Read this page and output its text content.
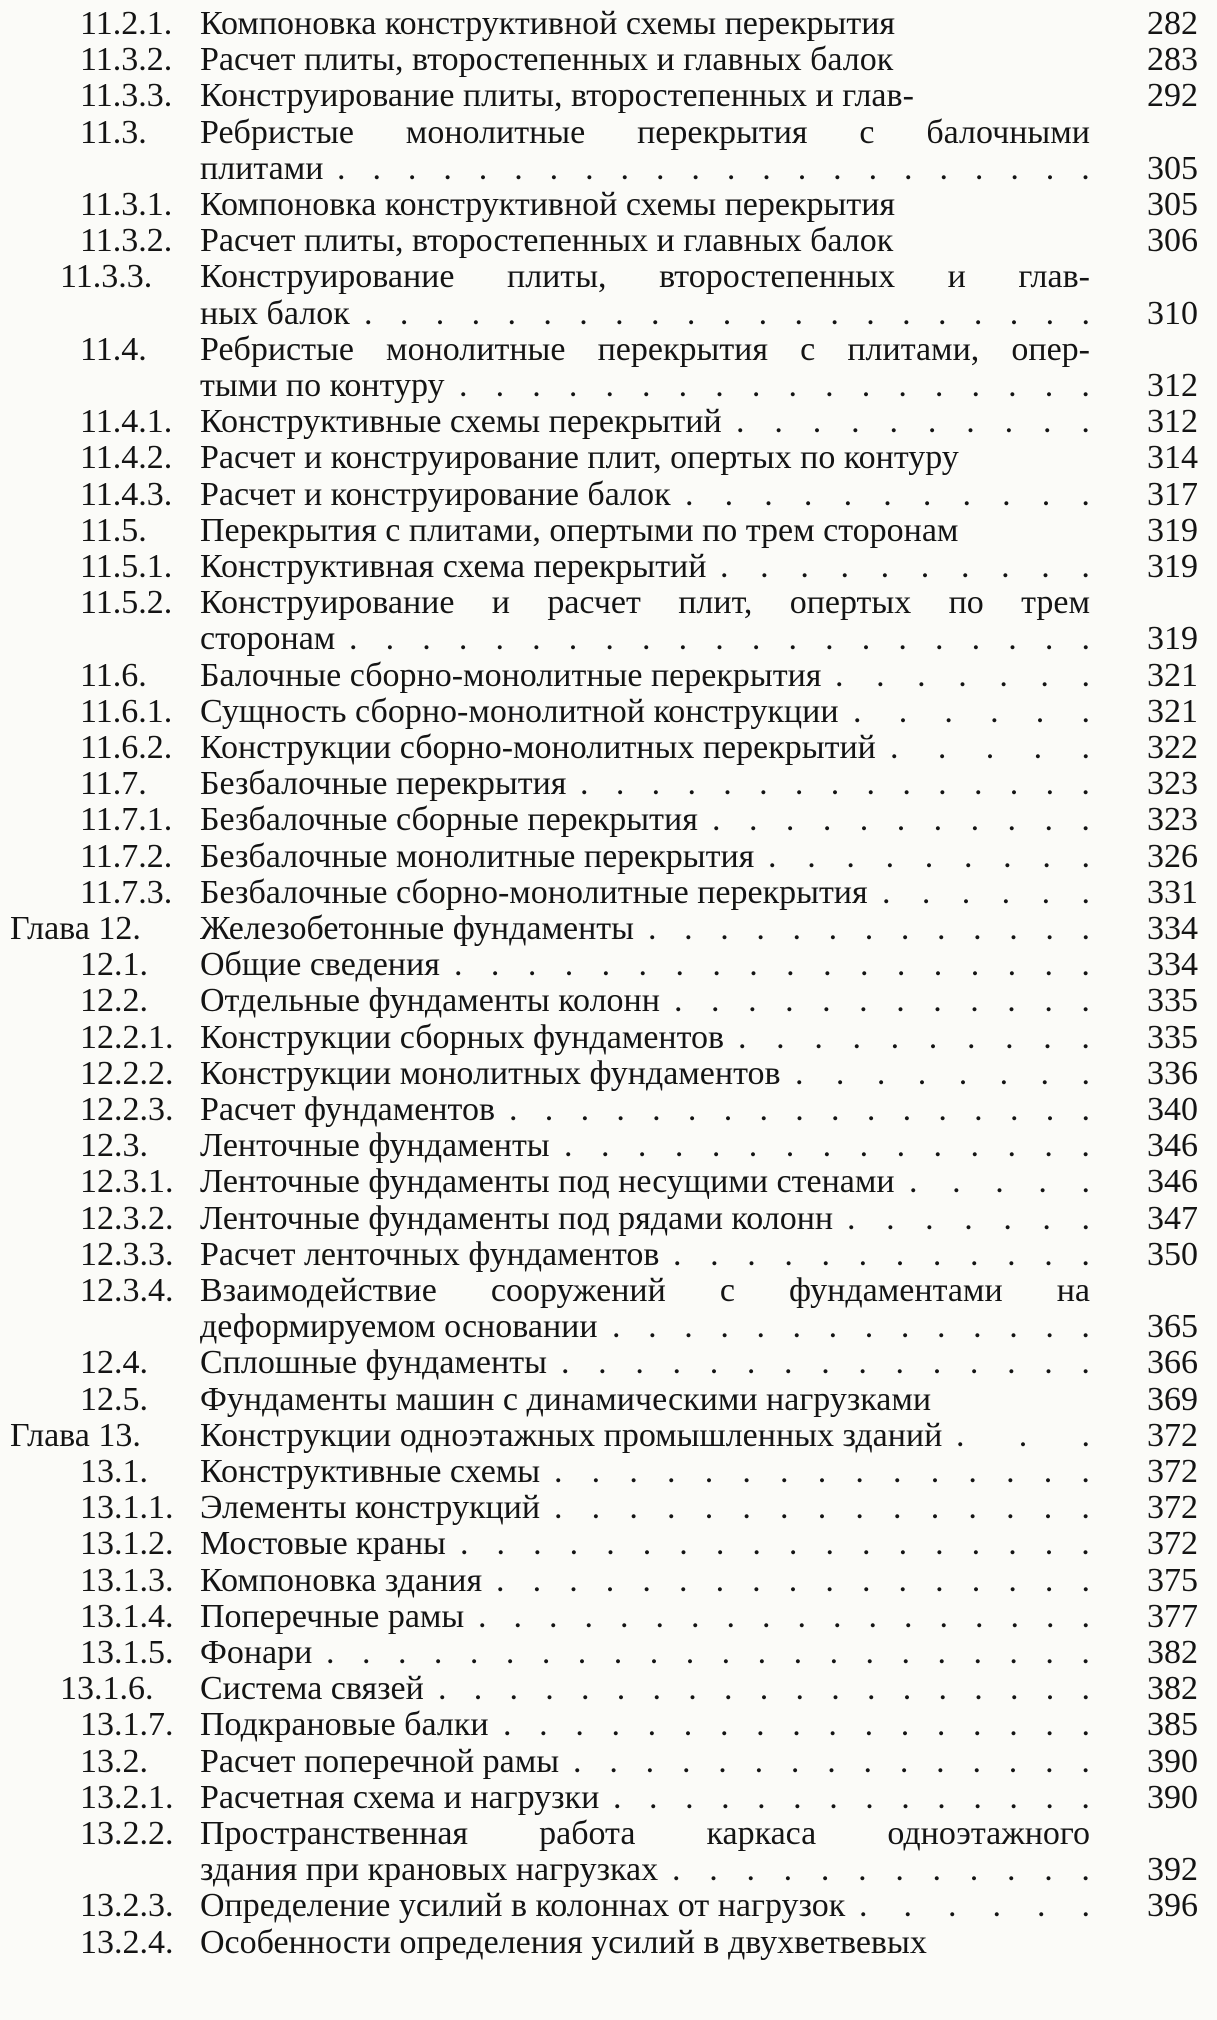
11.2.1. Компоновка конструктивной схемы перекрытия	282
11.3.2. Расчет плиты, второстепенных и главных балок	283
11.3.3. Конструирование плиты, второстепенных и глав-	292
11.3. Ребристые монолитные перекрытия с балочными
плитами . . . . . . . . . . . . . . . . . . . . . .	305
11.3.1. Компоновка конструктивной схемы перекрытия	305
11.3.2. Расчет плиты, второстепенных и главных балок	306
11.3.3. Конструирование плиты, второстепенных и глав-
ных балок . . . . . . . . . . . . . . . . . . . . .	310
11.4. Ребристые монолитные перекрытия с плитами, опер-
тыми по контуру . . . . . . . . . . . . . . . . . .	312
11.4.1. Конструктивные схемы перекрытий . . . . . . . . . .	312
11.4.2. Расчет и конструирование плит, опертых по контуру	314
11.4.3. Расчет и конструирование балок . . . . . . . . . . .	317
11.5. Перекрытия с плитами, опертыми по трем сторонам	319
11.5.1. Конструктивная схема перекрытий . . . . . . . . . .	319
11.5.2. Конструирование и расчет плит, опертых по трем
сторонам . . . . . . . . . . . . . . . . . . . . .	319
11.6. Балочные сборно-монолитные перекрытия . . . . . . .	321
11.6.1. Сущность сборно-монолитной конструкции . . . . . .	321
11.6.2. Конструкции сборно-монолитных перекрытий . . . . .	322
11.7. Безбалочные перекрытия . . . . . . . . . . . . . . .	323
11.7.1. Безбалочные сборные перекрытия . . . . . . . . . . .	323
11.7.2. Безбалочные монолитные перекрытия . . . . . . . . .	326
11.7.3. Безбалочные сборно-монолитные перекрытия . . . . . .	331
Глава 12. Железобетонные фундаменты . . . . . . . . . . . . .	334
12.1. Общие сведения . . . . . . . . . . . . . . . . . .	334
12.2. Отдельные фундаменты колонн . . . . . . . . . . . .	335
12.2.1. Конструкции сборных фундаментов . . . . . . . . . .	335
12.2.2. Конструкции монолитных фундаментов . . . . . . . .	336
12.2.3. Расчет фундаментов . . . . . . . . . . . . . . . . .	340
12.3. Ленточные фундаменты . . . . . . . . . . . . . . .	346
12.3.1. Ленточные фундаменты под несущими стенами . . . . .	346
12.3.2. Ленточные фундаменты под рядами колонн . . . . . . .	347
12.3.3. Расчет ленточных фундаментов . . . . . . . . . . . .	350
12.3.4. Взаимодействие сооружений с фундаментами на
деформируемом основании . . . . . . . . . . . . . .	365
12.4. Сплошные фундаменты . . . . . . . . . . . . . . .	366
12.5. Фундаменты машин с динамическими нагрузками	369
Глава 13. Конструкции одноэтажных промышленных зданий . . .	372
13.1. Конструктивные схемы . . . . . . . . . . . . . . .	372
13.1.1. Элементы конструкций . . . . . . . . . . . . . . .	372
13.1.2. Мостовые краны . . . . . . . . . . . . . . . . . .	372
13.1.3. Компоновка здания . . . . . . . . . . . . . . . . .	375
13.1.4. Поперечные рамы . . . . . . . . . . . . . . . . . .	377
13.1.5. Фонари . . . . . . . . . . . . . . . . . . . . . .	382
13.1.6. Система связей . . . . . . . . . . . . . . . . . . .	382
13.1.7. Подкрановые балки . . . . . . . . . . . . . . . . .	385
13.2. Расчет поперечной рамы . . . . . . . . . . . . . . .	390
13.2.1. Расчетная схема и нагрузки . . . . . . . . . . . . . .	390
13.2.2. Пространственная работа каркаса одноэтажного
здания при крановых нагрузках . . . . . . . . . . . .	392
13.2.3. Определение усилий в колоннах от нагрузок . . . . . .	396
13.2.4. Особенности определения усилий в двухветвевых
